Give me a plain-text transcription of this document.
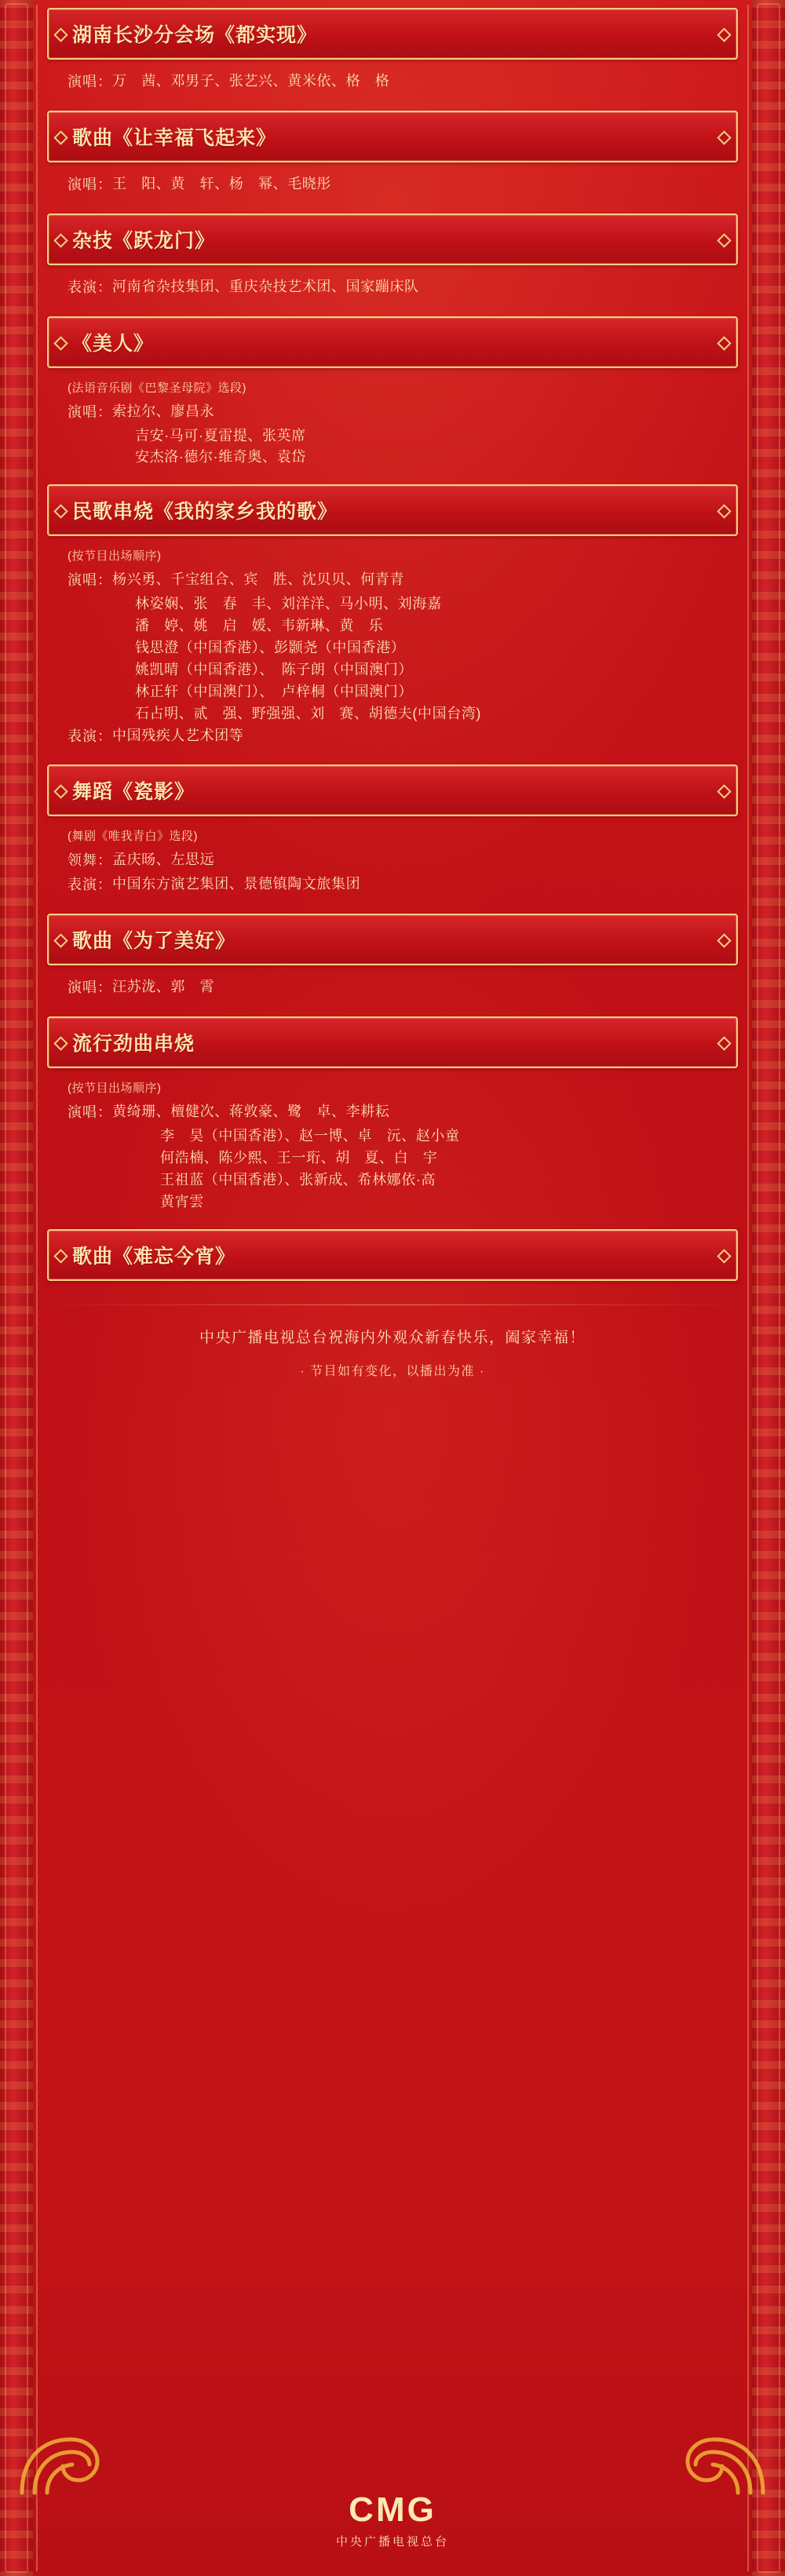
湖南长沙分会场《都实现》
演唱： 万　茜、邓男子、张艺兴、黄米依、格　格
歌曲《让幸福飞起来》
演唱： 王　阳、黄　轩、杨　幂、毛晓彤
杂技《跃龙门》
表演： 河南省杂技集团、重庆杂技艺术团、国家蹦床队
《美人》
(法语音乐剧《巴黎圣母院》选段)
演唱： 索拉尔、廖昌永
吉安·马可·夏雷提、张英席
安杰洛·德尔·维奇奥、袁岱
民歌串烧《我的家乡我的歌》
(按节目出场顺序)
演唱： 杨兴勇、千宝组合、宾　胜、沈贝贝、何青青
林姿娴、张　春　丰、刘洋洋、马小明、刘海嘉
潘　婷、姚　启　媛、韦新琳、黄　乐
钱思澄（中国香港）、彭颢尧（中国香港）
姚凯晴（中国香港）、　陈子朗（中国澳门）
林正轩（中国澳门）、　卢梓桐（中国澳门）
石占明、贰　强、野强强、刘　赛、胡德夫(中国台湾)
表演： 中国残疾人艺术团等
舞蹈《瓷影》
(舞剧《唯我青白》选段)
领舞： 孟庆旸、左思远
表演： 中国东方演艺集团、景德镇陶文旅集团
歌曲《为了美好》
演唱： 汪苏泷、郭　霄
流行劲曲串烧
(按节目出场顺序)
演唱： 黄绮珊、檀健次、蒋敦豪、鹭　卓、李耕耘
李　昊（中国香港）、赵一博、卓　沅、赵小童
何浩楠、陈少熙、王一珩、胡　夏、白　宇
王祖蓝（中国香港）、张新成、希林娜依·高
黄宵雲
歌曲《难忘今宵》
中央广播电视总台祝海内外观众新春快乐，阖家幸福！
· 节目如有变化，以播出为准 ·
CMG
中央广播电视总台
